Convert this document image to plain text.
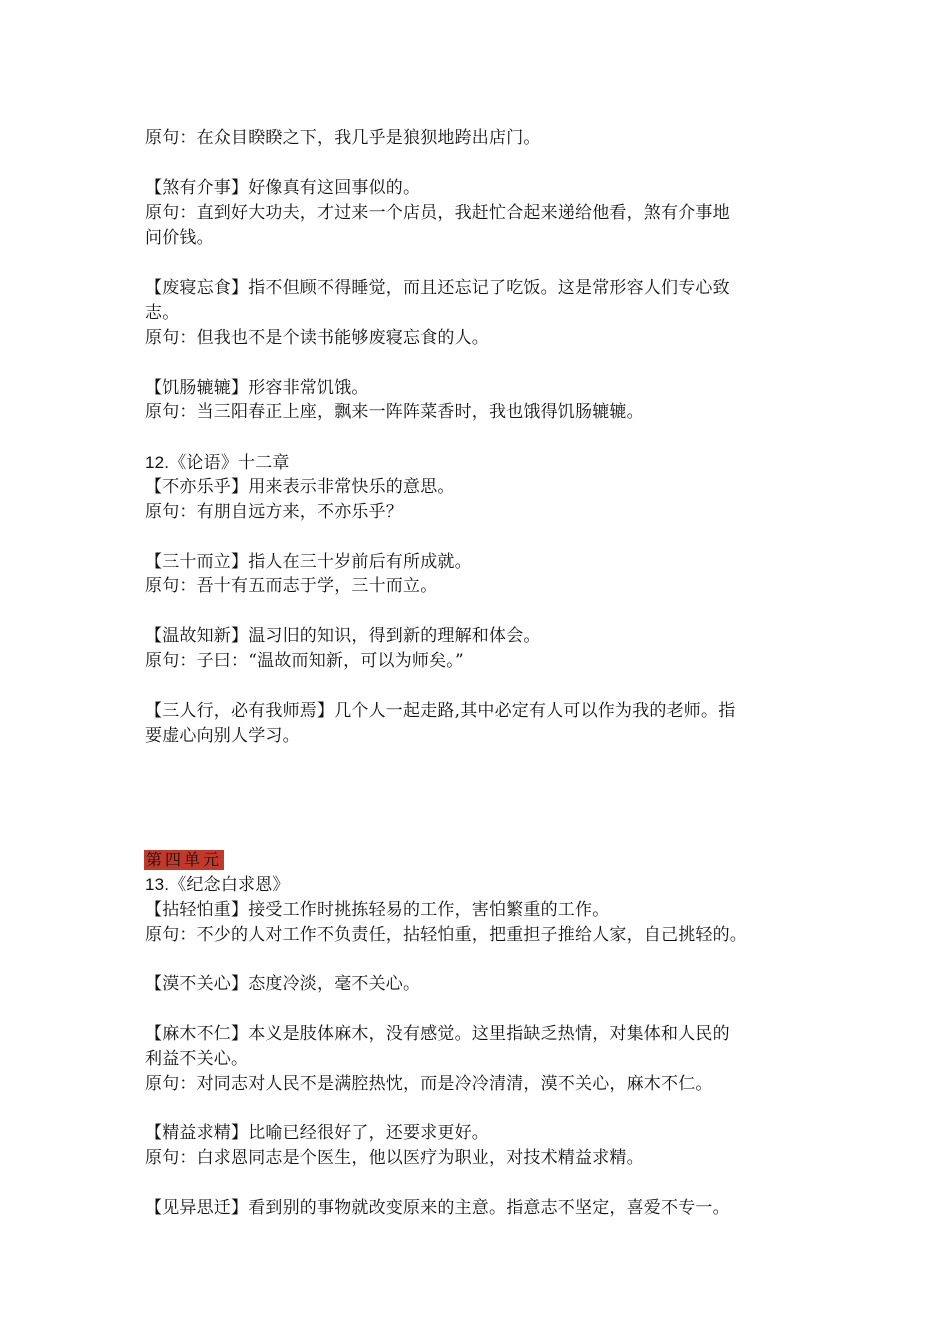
原句：在众目睽睽之下，我几乎是狼狈地跨出店门。
【煞有介事】好像真有这回事似的。
原句：直到好大功夫，才过来一个店员，我赶忙合起来递给他看，煞有介事地
问价钱。
【废寝忘食】指不但顾不得睡觉，而且还忘记了吃饭。这是常形容人们专心致
志。
原句：但我也不是个读书能够废寝忘食的人。
【饥肠辘辘】形容非常饥饿。
原句：当三阳春正上座，飘来一阵阵菜香时，我也饿得饥肠辘辘。
12.《论语》十二章
【不亦乐乎】用来表示非常快乐的意思。
原句：有朋自远方来，不亦乐乎？
【三十而立】指人在三十岁前后有所成就。
原句：吾十有五而志于学，三十而立。
【温故知新】温习旧的知识，得到新的理解和体会。
原句：子曰：“温故而知新，可以为师矣。”
【三人行，必有我师焉】几个人一起走路,其中必定有人可以作为我的老师。指
要虚心向别人学习。
第四单元
13.《纪念白求恩》
【拈轻怕重】接受工作时挑拣轻易的工作，害怕繁重的工作。
原句：不少的人对工作不负责任，拈轻怕重，把重担子推给人家，自己挑轻的。
【漠不关心】态度冷淡，毫不关心。
【麻木不仁】本义是肢体麻木，没有感觉。这里指缺乏热情，对集体和人民的
利益不关心。
原句：对同志对人民不是满腔热忱，而是冷冷清清，漠不关心，麻木不仁。
【精益求精】比喻已经很好了，还要求更好。
原句：白求恩同志是个医生，他以医疗为职业，对技术精益求精。
【见异思迁】看到别的事物就改变原来的主意。指意志不坚定，喜爱不专一。
